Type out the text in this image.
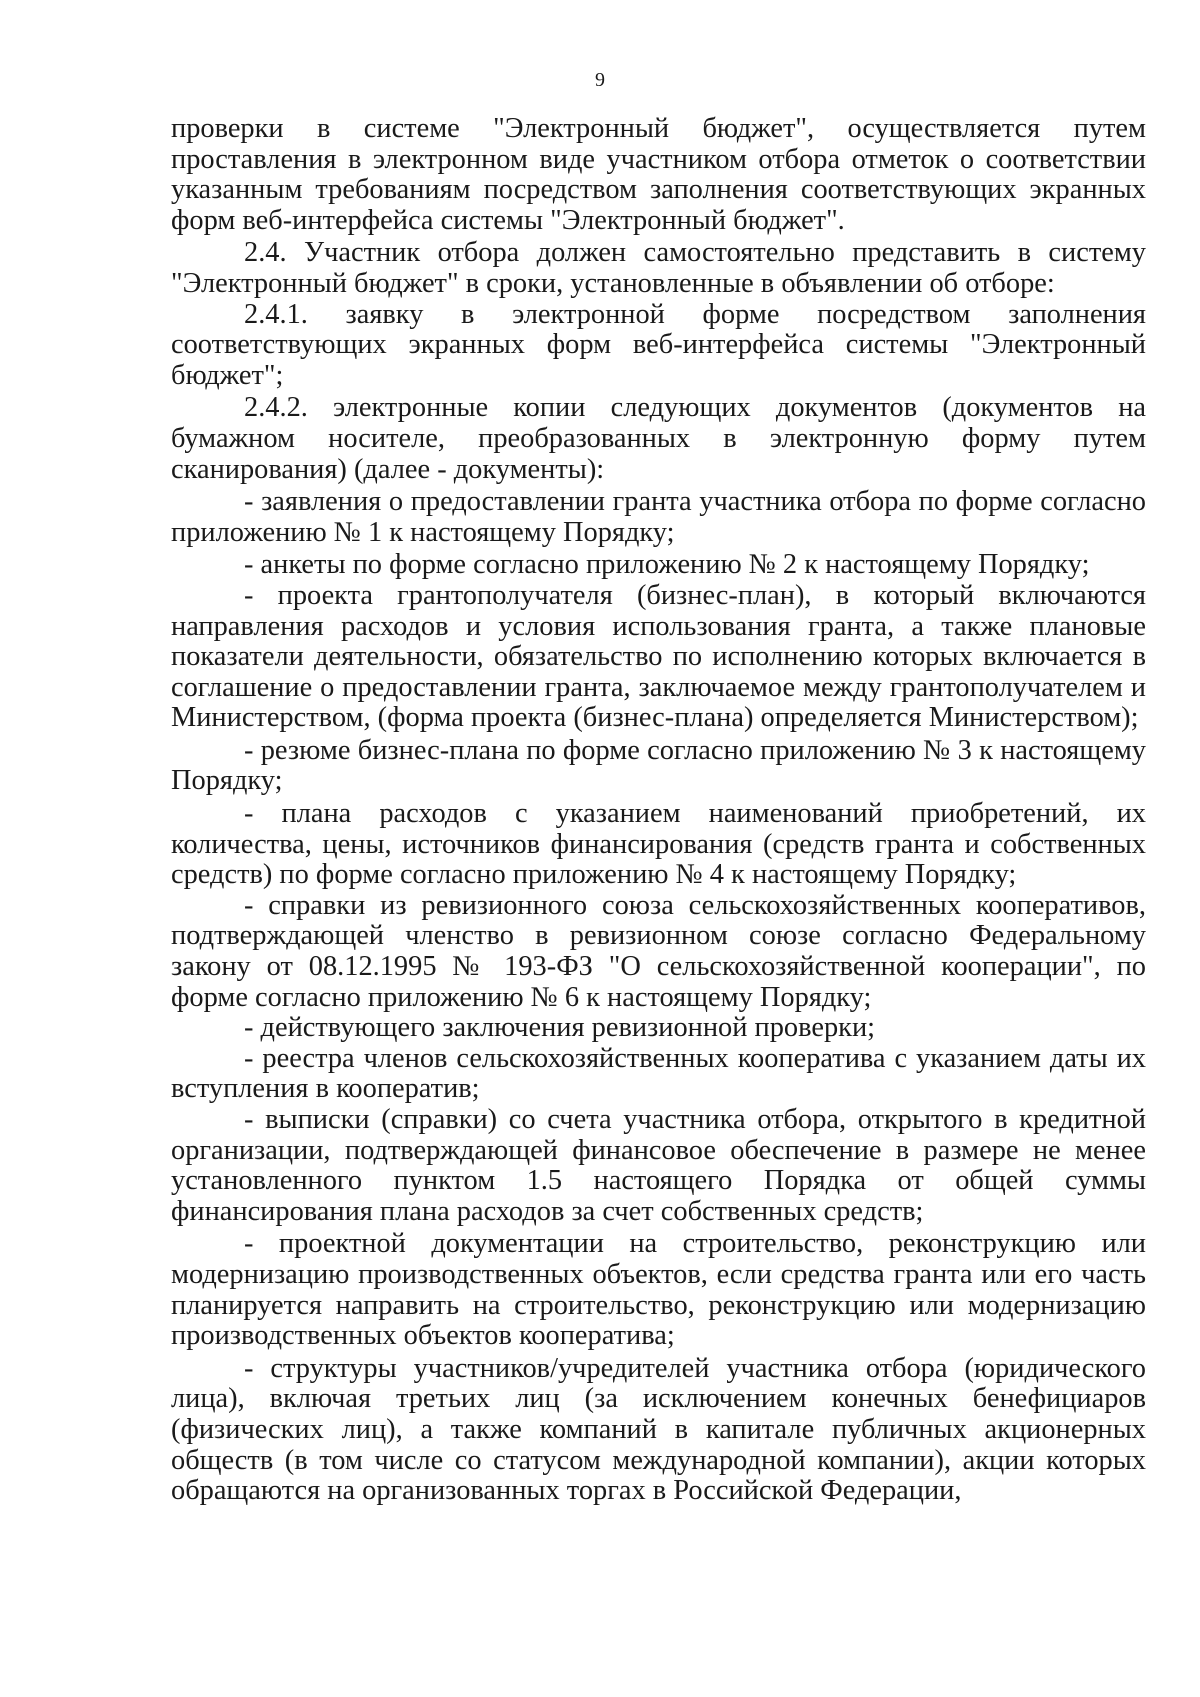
9

проверки в системе "Электронный бюджет", осуществляется путем проставления в электронном виде участником отбора отметок о соответствии указанным требованиям посредством заполнения соответствующих экранных форм веб-интерфейса системы "Электронный бюджет".

2.4. Участник отбора должен самостоятельно представить в систему "Электронный бюджет" в сроки, установленные в объявлении об отборе:

2.4.1. заявку в электронной форме посредством заполнения соответствующих экранных форм веб-интерфейса системы "Электронный бюджет";

2.4.2. электронные копии следующих документов (документов на бумажном носителе, преобразованных в электронную форму путем сканирования) (далее - документы):

- заявления о предоставлении гранта участника отбора по форме согласно приложению № 1 к настоящему Порядку;

- анкеты по форме согласно приложению № 2 к настоящему Порядку;

- проекта грантополучателя (бизнес-план), в который включаются направления расходов и условия использования гранта, а также плановые показатели деятельности, обязательство по исполнению которых включается в соглашение о предоставлении гранта, заключаемое между грантополучателем и Министерством, (форма проекта (бизнес-плана) определяется Министерством);

- резюме бизнес-плана по форме согласно приложению № 3 к настоящему Порядку;

- плана расходов с указанием наименований приобретений, их количества, цены, источников финансирования (средств гранта и собственных средств) по форме согласно приложению № 4 к настоящему Порядку;

- справки из ревизионного союза сельскохозяйственных кооперативов, подтверждающей членство в ревизионном союзе согласно Федеральному закону от 08.12.1995 № 193-ФЗ "О сельскохозяйственной кооперации", по форме согласно приложению № 6 к настоящему Порядку;

- действующего заключения ревизионной проверки;

- реестра членов сельскохозяйственных кооператива с указанием даты их вступления в кооператив;

- выписки (справки) со счета участника отбора, открытого в кредитной организации, подтверждающей финансовое обеспечение в размере не менее установленного пунктом 1.5 настоящего Порядка от общей суммы финансирования плана расходов за счет собственных средств;

- проектной документации на строительство, реконструкцию или модернизацию производственных объектов, если средства гранта или его часть планируется направить на строительство, реконструкцию или модернизацию производственных объектов кооператива;

- структуры участников/учредителей участника отбора (юридического лица), включая третьих лиц (за исключением конечных бенефициаров (физических лиц), а также компаний в капитале публичных акционерных обществ (в том числе со статусом международной компании), акции которых обращаются на организованных торгах в Российской Федерации,
